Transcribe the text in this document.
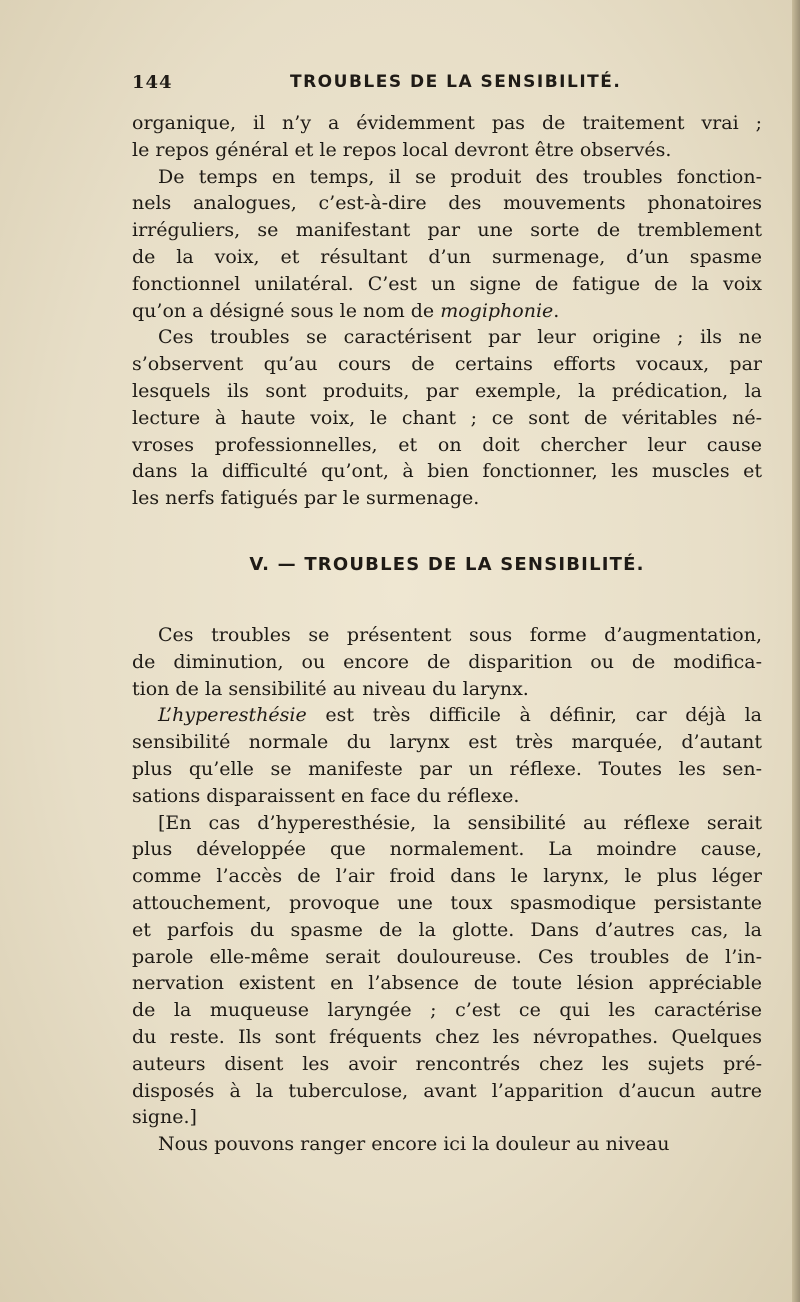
144	TROUBLES DE LA SENSIBILITÉ.
organique, il n’y a évidemment pas de traitement vrai ;
le repos général et le repos local devront être observés.
De temps en temps, il se produit des troubles fonction-
nels analogues, c’est-à-dire des mouvements phonatoires
irréguliers, se manifestant par une sorte de tremblement
de la voix, et résultant d’un surmenage, d’un spasme
fonctionnel unilatéral. C’est un signe de fatigue de la voix
qu’on a désigné sous le nom de mogiphonie.
Ces troubles se caractérisent par leur origine ; ils ne
s’observent qu’au cours de certains efforts vocaux, par
lesquels ils sont produits, par exemple, la prédication, la
lecture à haute voix, le chant ; ce sont de véritables né-
vroses professionnelles, et on doit chercher leur cause
dans la difficulté qu’ont, à bien fonctionner, les muscles et
les nerfs fatigués par le surmenage.
V. — TROUBLES DE LA SENSIBILITÉ.
Ces troubles se présentent sous forme d’augmentation,
de diminution, ou encore de disparition ou de modifica-
tion de la sensibilité au niveau du larynx.
L’hyperesthésie est très difficile à définir, car déjà la
sensibilité normale du larynx est très marquée, d’autant
plus qu’elle se manifeste par un réflexe. Toutes les sen-
sations disparaissent en face du réflexe.
[En cas d’hyperesthésie, la sensibilité au réflexe serait
plus développée que normalement. La moindre cause,
comme l’accès de l’air froid dans le larynx, le plus léger
attouchement, provoque une toux spasmodique persistante
et parfois du spasme de la glotte. Dans d’autres cas, la
parole elle-même serait douloureuse. Ces troubles de l’in-
nervation existent en l’absence de toute lésion appréciable
de la muqueuse laryngée ; c’est ce qui les caractérise
du reste. Ils sont fréquents chez les névropathes. Quelques
auteurs disent les avoir rencontrés chez les sujets pré-
disposés à la tuberculose, avant l’apparition d’aucun autre
signe.]
Nous pouvons ranger encore ici la douleur au niveau
